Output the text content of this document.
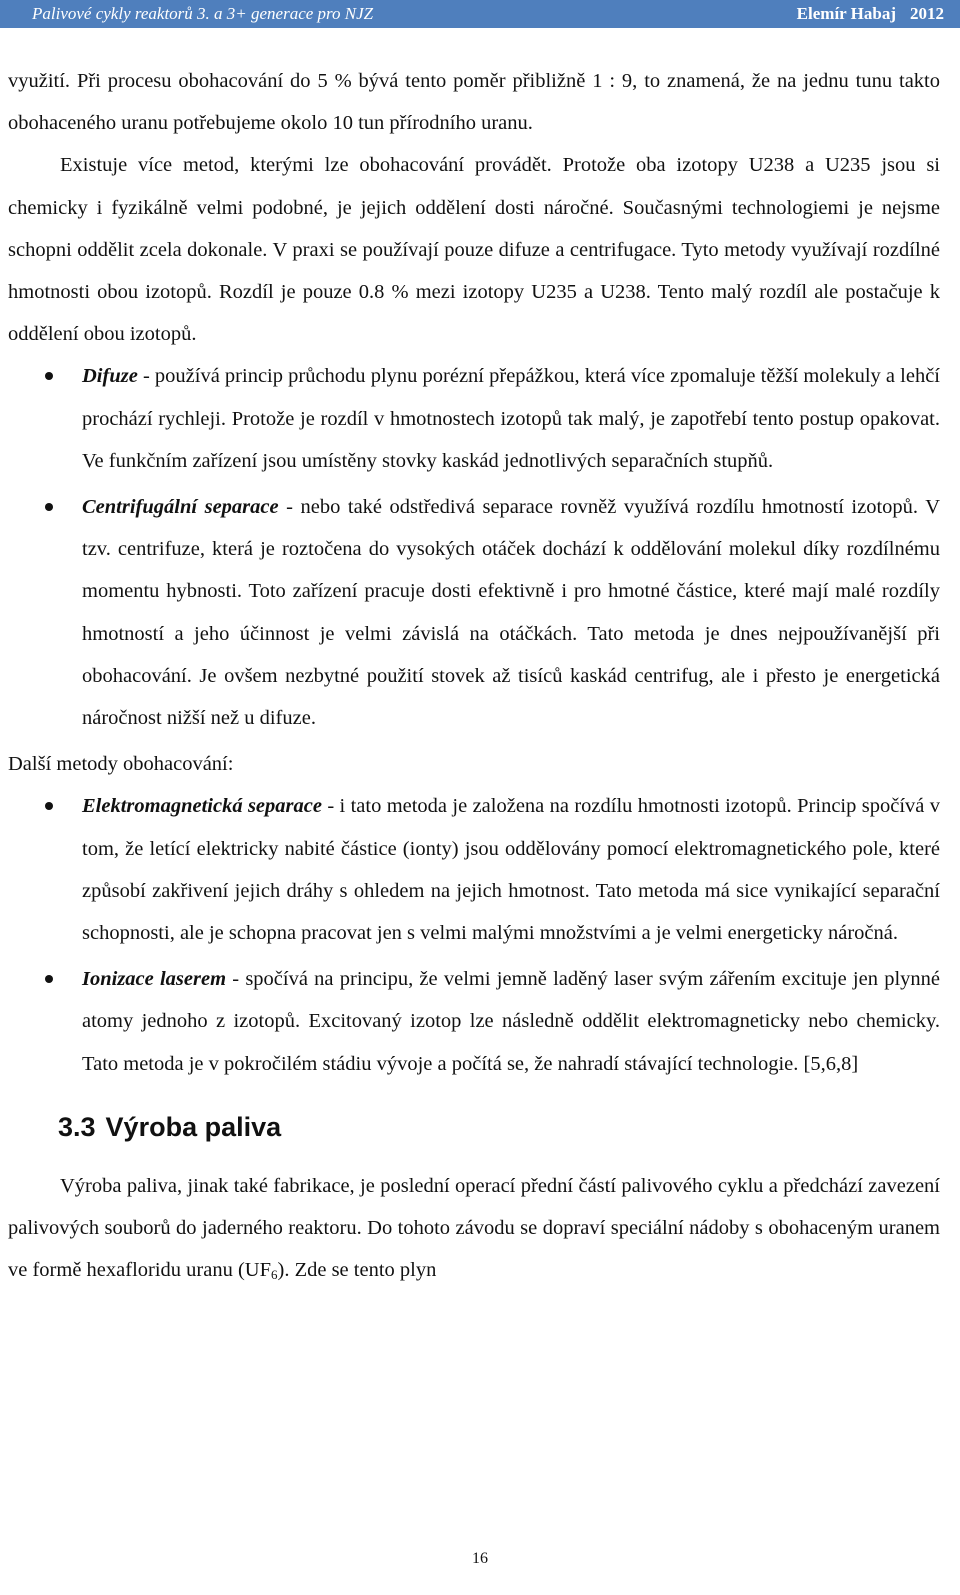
Palivové cykly reaktorů 3. a 3+ generace pro NJZ	Elemír Habaj 2012

využití. Při procesu obohacování do 5 % bývá tento poměr přibližně 1 : 9, to znamená, že na jednu tunu takto obohaceného uranu potřebujeme okolo 10 tun přírodního uranu.

Existuje více metod, kterými lze obohacování provádět. Protože oba izotopy U238 a U235 jsou si chemicky i fyzikálně velmi podobné, je jejich oddělení dosti náročné. Současnými technologiemi je nejsme schopni oddělit zcela dokonale. V praxi se používají pouze difuze a centrifugace. Tyto metody využívají rozdílné hmotnosti obou izotopů. Rozdíl je pouze 0.8 % mezi izotopy U235 a U238. Tento malý rozdíl ale postačuje k oddělení obou izotopů.

Difuze - používá princip průchodu plynu porézní přepážkou, která více zpomaluje těžší molekuly a lehčí prochází rychleji. Protože je rozdíl v hmotnostech izotopů tak malý, je zapotřebí tento postup opakovat. Ve funkčním zařízení jsou umístěny stovky kaskád jednotlivých separačních stupňů.
Centrifugální separace - nebo také odstředivá separace rovněž využívá rozdílu hmotností izotopů. V tzv. centrifuze, která je roztočena do vysokých otáček dochází k oddělování molekul díky rozdílnému momentu hybnosti. Toto zařízení pracuje dosti efektivně i pro hmotné částice, které mají malé rozdíly hmotností a jeho účinnost je velmi závislá na otáčkách. Tato metoda je dnes nejpoužívanější při obohacování. Je ovšem nezbytné použití stovek až tisíců kaskád centrifug, ale i přesto je energetická náročnost nižší než u difuze.

Další metody obohacování:

Elektromagnetická separace - i tato metoda je založena na rozdílu hmotnosti izotopů. Princip spočívá v tom, že letící elektricky nabité částice (ionty) jsou oddělovány pomocí elektromagnetického pole, které způsobí zakřivení jejich dráhy s ohledem na jejich hmotnost. Tato metoda má sice vynikající separační schopnosti, ale je schopna pracovat jen s velmi malými množstvími a je velmi energeticky náročná.
Ionizace laserem - spočívá na principu, že velmi jemně laděný laser svým zářením excituje jen plynné atomy jednoho z izotopů. Excitovaný izotop lze následně oddělit elektromagneticky nebo chemicky. Tato metoda je v pokročilém stádiu vývoje a počítá se, že nahradí stávající technologie. [5,6,8]
3.3 Výroba paliva

Výroba paliva, jinak také fabrikace, je poslední operací přední částí palivového cyklu a předchází zavezení palivových souborů do jaderného reaktoru. Do tohoto závodu se dopraví speciální nádoby s obohaceným uranem ve formě hexafloridu uranu $(UF_6)$. Zde se tento plyn

16
